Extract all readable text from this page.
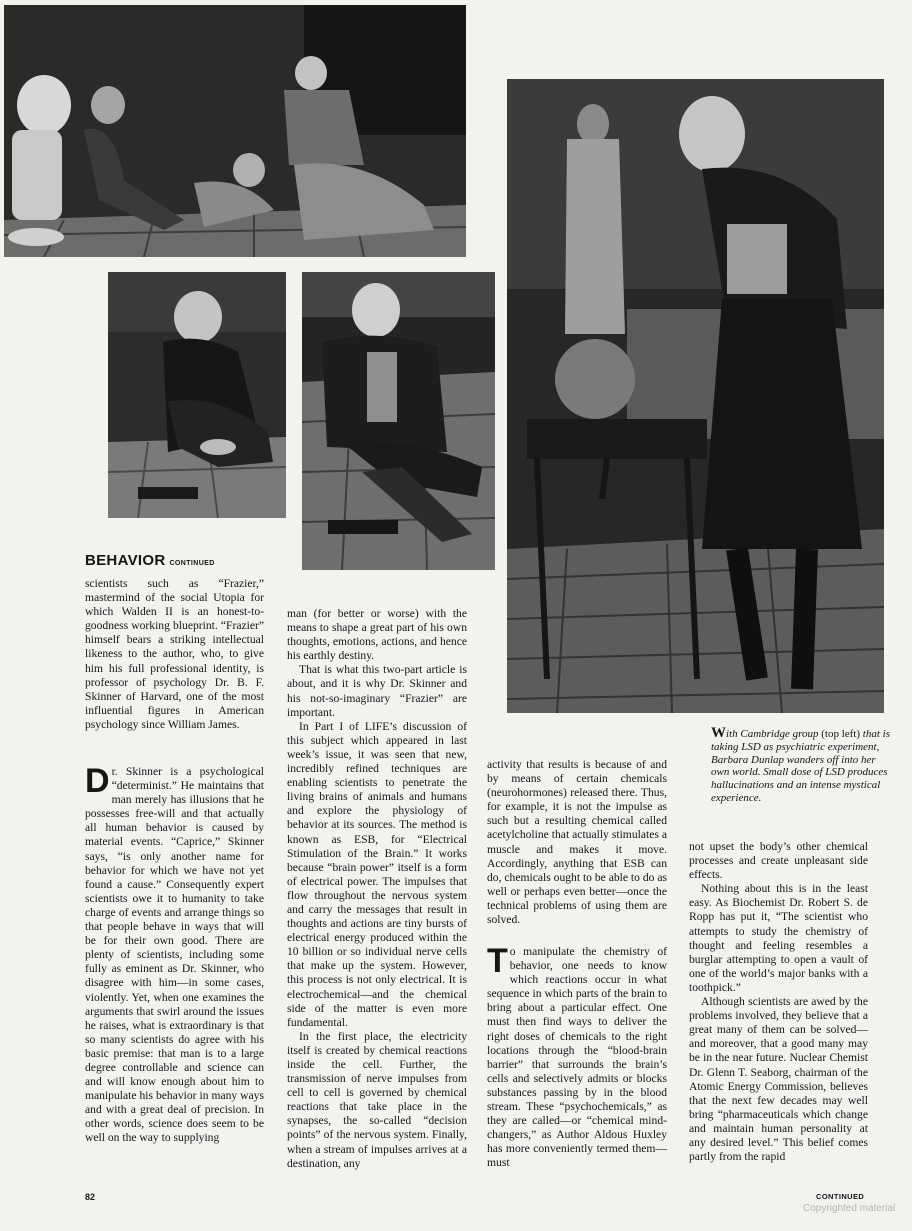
BEHAVIOR CONTINUED

scientists such as “Frazier,” mastermind of the social Utopia for which Walden II is an honest-to-goodness working blueprint. “Frazier” himself bears a striking intellectual likeness to the author, who, to give him his full professional identity, is professor of psychology Dr. B. F. Skinner of Harvard, one of the most influential figures in American psychology since William James.

Dr. Skinner is a psychological “determinist.” He maintains that man merely has illusions that he possesses free-will and that actually all human behavior is caused by material events. “Caprice,” Skinner says, “is only another name for behavior for which we have not yet found a cause.” Consequently expert scientists owe it to humanity to take charge of events and arrange things so that people behave in ways that will be for their own good. There are plenty of scientists, including some fully as eminent as Dr. Skinner, who disagree with him—in some cases, violently. Yet, when one examines the arguments that swirl around the issues he raises, what is extraordinary is that so many scientists do agree with his basic premise: that man is to a large degree controllable and science can and will know enough about him to manipulate his behavior in many ways and with a great deal of precision. In other words, science does seem to be well on the way to supplying

man (for better or worse) with the means to shape a great part of his own thoughts, emotions, actions, and hence his earthly destiny.

That is what this two-part article is about, and it is why Dr. Skinner and his not-so-imaginary “Frazier” are important.

In Part I of LIFE’s discussion of this subject which appeared in last week’s issue, it was seen that new, incredibly refined techniques are enabling scientists to penetrate the living brains of animals and humans and explore the physiology of behavior at its sources. The method is known as ESB, for “Electrical Stimulation of the Brain.” It works because “brain power” itself is a form of electrical power. The impulses that flow throughout the nervous system and carry the messages that result in thoughts and actions are tiny bursts of electrical energy produced within the 10 billion or so individual nerve cells that make up the system. However, this process is not only electrical. It is electrochemical—and the chemical side of the matter is even more fundamental.

In the first place, the electricity itself is created by chemical reactions inside the cell. Further, the transmission of nerve impulses from cell to cell is governed by chemical reactions that take place in the synapses, the so-called “decision points” of the nervous system. Finally, when a stream of impulses arrives at a destination, any

activity that results is because of and by means of certain chemicals (neurohormones) released there. Thus, for example, it is not the impulse as such but a resulting chemical called acetylcholine that actually stimulates a muscle and makes it move. Accordingly, anything that ESB can do, chemicals ought to be able to do as well or perhaps even better—once the technical problems of using them are solved.

To manipulate the chemistry of behavior, one needs to know which reactions occur in what sequence in which parts of the brain to bring about a particular effect. One must then find ways to deliver the right doses of chemicals to the right locations through the “blood-brain barrier” that surrounds the brain’s cells and selectively admits or blocks substances passing by in the blood stream. These “psychochemicals,” as they are called—or “chemical mind-changers,” as Author Aldous Huxley has more conveniently termed them—must

With Cambridge group (top left) that is taking LSD as psychiatric experiment, Barbara Dunlap wanders off into her own world. Small dose of LSD produces hallucinations and an intense mystical experience.

not upset the body’s other chemical processes and create unpleasant side effects.

Nothing about this is in the least easy. As Biochemist Dr. Robert S. de Ropp has put it, “The scientist who attempts to study the chemistry of thought and feeling resembles a burglar attempting to open a vault of one of the world’s major banks with a toothpick.”

Although scientists are awed by the problems involved, they believe that a great many of them can be solved—and moreover, that a good many may be in the near future. Nuclear Chemist Dr. Glenn T. Seaborg, chairman of the Atomic Energy Commission, believes that the next few decades may well bring “pharmaceuticals which change and maintain human personality at any desired level.” This belief comes partly from the rapid

82	CONTINUED
Copyrighted material
